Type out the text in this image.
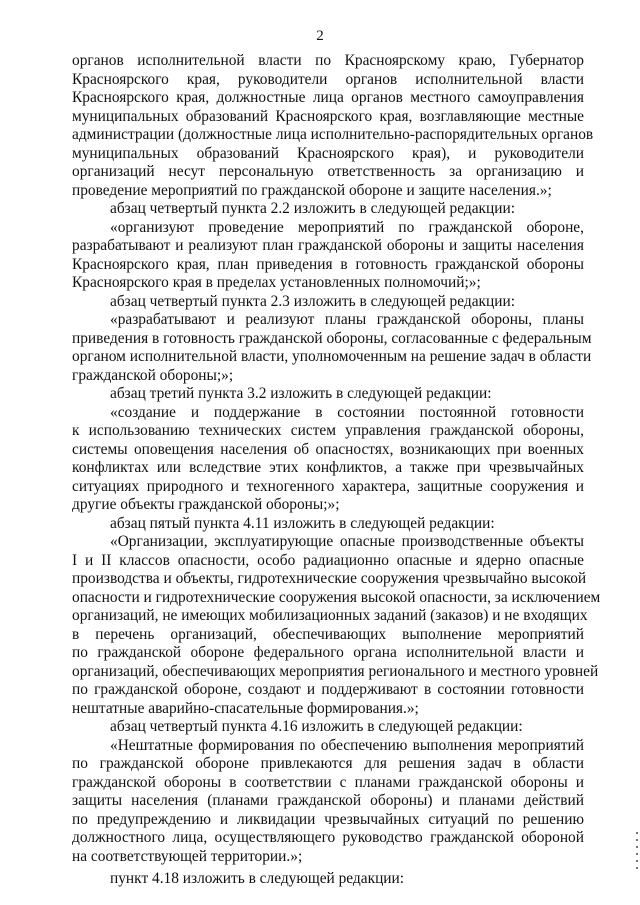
2
органов исполнительной власти по Красноярскому краю, Губернатор
Красноярского края, руководители органов исполнительной власти
Красноярского края, должностные лица органов местного самоуправления
муниципальных образований Красноярского края, возглавляющие местные
администрации (должностные лица исполнительно-распорядительных органов
муниципальных образований Красноярского края), и руководители
организаций несут персональную ответственность за организацию и
проведение мероприятий по гражданской обороне и защите населения.»;
абзац четвертый пункта 2.2 изложить в следующей редакции:
«организуют проведение мероприятий по гражданской обороне,
разрабатывают и реализуют план гражданской обороны и защиты населения
Красноярского края, план приведения в готовность гражданской обороны
Красноярского края в пределах установленных полномочий;»;
абзац четвертый пункта 2.3 изложить в следующей редакции:
«разрабатывают и реализуют планы гражданской обороны, планы
приведения в готовность гражданской обороны, согласованные с федеральным
органом исполнительной власти, уполномоченным на решение задач в области
гражданской обороны;»;
абзац третий пункта 3.2 изложить в следующей редакции:
«создание и поддержание в состоянии постоянной готовности
к использованию технических систем управления гражданской обороны,
системы оповещения населения об опасностях, возникающих при военных
конфликтах или вследствие этих конфликтов, а также при чрезвычайных
ситуациях природного и техногенного характера, защитные сооружения и
другие объекты гражданской обороны;»;
абзац пятый пункта 4.11 изложить в следующей редакции:
«Организации, эксплуатирующие опасные производственные объекты
I и II классов опасности, особо радиационно опасные и ядерно опасные
производства и объекты, гидротехнические сооружения чрезвычайно высокой
опасности и гидротехнические сооружения высокой опасности, за исключением
организаций, не имеющих мобилизационных заданий (заказов) и не входящих
в перечень организаций, обеспечивающих выполнение мероприятий
по гражданской обороне федерального органа исполнительной власти и
организаций, обеспечивающих мероприятия регионального и местного уровней
по гражданской обороне, создают и поддерживают в состоянии готовности
нештатные аварийно-спасательные формирования.»;
абзац четвертый пункта 4.16 изложить в следующей редакции:
«Нештатные формирования по обеспечению выполнения мероприятий
по гражданской обороне привлекаются для решения задач в области
гражданской обороны в соответствии с планами гражданской обороны и
защиты населения (планами гражданской обороны) и планами действий
по предупреждению и ликвидации чрезвычайных ситуаций по решению
должностного лица, осуществляющего руководство гражданской обороной
на соответствующей территории.»;
пункт 4.18 изложить в следующей редакции:
